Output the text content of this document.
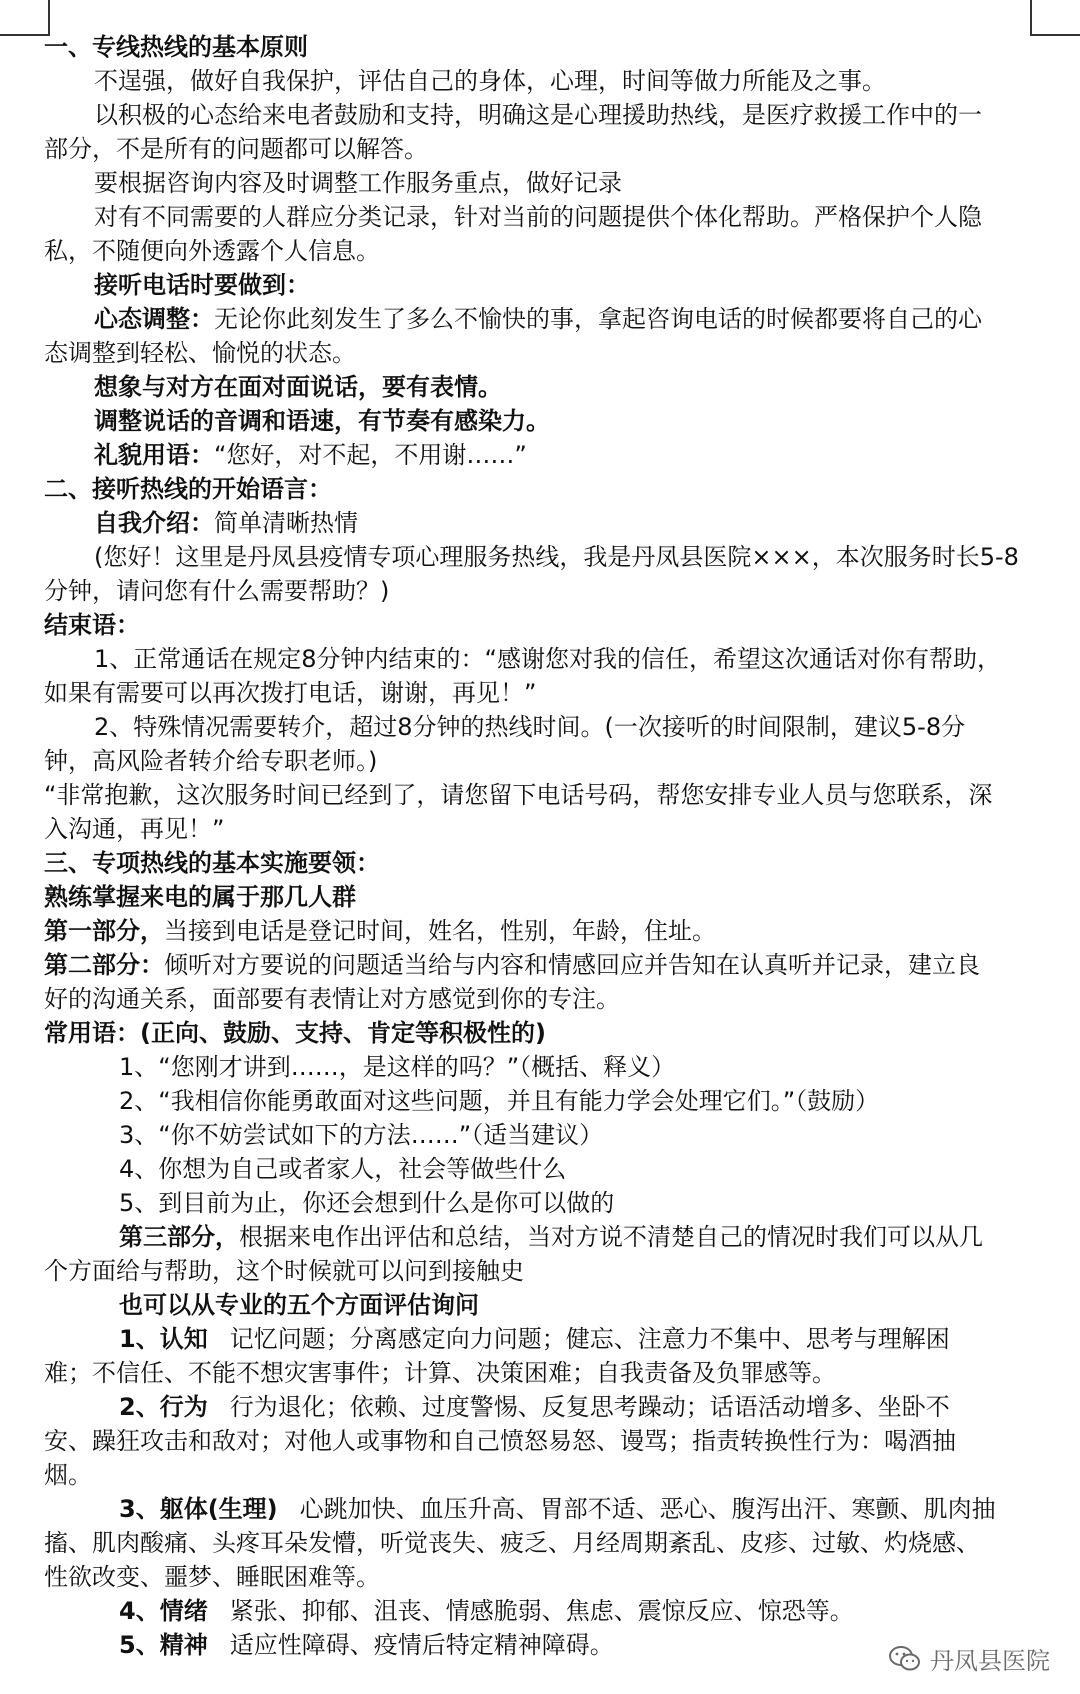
一、专线热线的基本原则
不逞强，做好自我保护，评估自己的身体，心理，时间等做力所能及之事。
以积极的心态给来电者鼓励和支持，明确这是心理援助热线，是医疗救援工作中的一
部分，不是所有的问题都可以解答。
要根据咨询内容及时调整工作服务重点，做好记录
对有不同需要的人群应分类记录，针对当前的问题提供个体化帮助。严格保护个人隐
私，不随便向外透露个人信息。
接听电话时要做到：
心态调整：无论你此刻发生了多么不愉快的事，拿起咨询电话的时候都要将自己的心
态调整到轻松、愉悦的状态。
想象与对方在面对面说话，要有表情。
调整说话的音调和语速，有节奏有感染力。
礼貌用语：“您好，对不起，不用谢……”
二、接听热线的开始语言：
自我介绍：简单清晰热情
(您好！这里是丹凤县疫情专项心理服务热线，我是丹凤县医院×××，本次服务时长5-8
分钟，请问您有什么需要帮助？)
结束语：
1、正常通话在规定8分钟内结束的：“感谢您对我的信任，希望这次通话对你有帮助，
如果有需要可以再次拨打电话，谢谢，再见！”
2、特殊情况需要转介，超过8分钟的热线时间。(一次接听的时间限制，建议5-8分
钟，高风险者转介给专职老师。)
“非常抱歉，这次服务时间已经到了，请您留下电话号码，帮您安排专业人员与您联系，深
入沟通，再见！”
三、专项热线的基本实施要领：
熟练掌握来电的属于那几人群
第一部分，当接到电话是登记时间，姓名，性别，年龄，住址。
第二部分：倾听对方要说的问题适当给与内容和情感回应并告知在认真听并记录，建立良
好的沟通关系，面部要有表情让对方感觉到你的专注。
常用语：(正向、鼓励、支持、肯定等积极性的)
1、“您刚才讲到……，是这样的吗？”（概括、释义）
2、“我相信你能勇敢面对这些问题，并且有能力学会处理它们。”（鼓励）
3、“你不妨尝试如下的方法……”（适当建议）
4、你想为自己或者家人，社会等做些什么
5、到目前为止，你还会想到什么是你可以做的
第三部分，根据来电作出评估和总结，当对方说不清楚自己的情况时我们可以从几
个方面给与帮助，这个时候就可以问到接触史
也可以从专业的五个方面评估询问
1、认知 记忆问题；分离感定向力问题；健忘、注意力不集中、思考与理解困
难；不信任、不能不想灾害事件；计算、决策困难；自我责备及负罪感等。
2、行为 行为退化；依赖、过度警惕、反复思考躁动；话语活动增多、坐卧不
安、躁狂攻击和敌对；对他人或事物和自己愤怒易怒、谩骂；指责转换性行为：喝酒抽
烟。
3、躯体(生理) 心跳加快、血压升高、胃部不适、恶心、腹泻出汗、寒颤、肌肉抽
搐、肌肉酸痛、头疼耳朵发懵，听觉丧失、疲乏、月经周期紊乱、皮疹、过敏、灼烧感、
性欲改变、噩梦、睡眠困难等。
4、情绪 紧张、抑郁、沮丧、情感脆弱、焦虑、震惊反应、惊恐等。
5、精神 适应性障碍、疫情后特定精神障碍。
丹凤县医院
